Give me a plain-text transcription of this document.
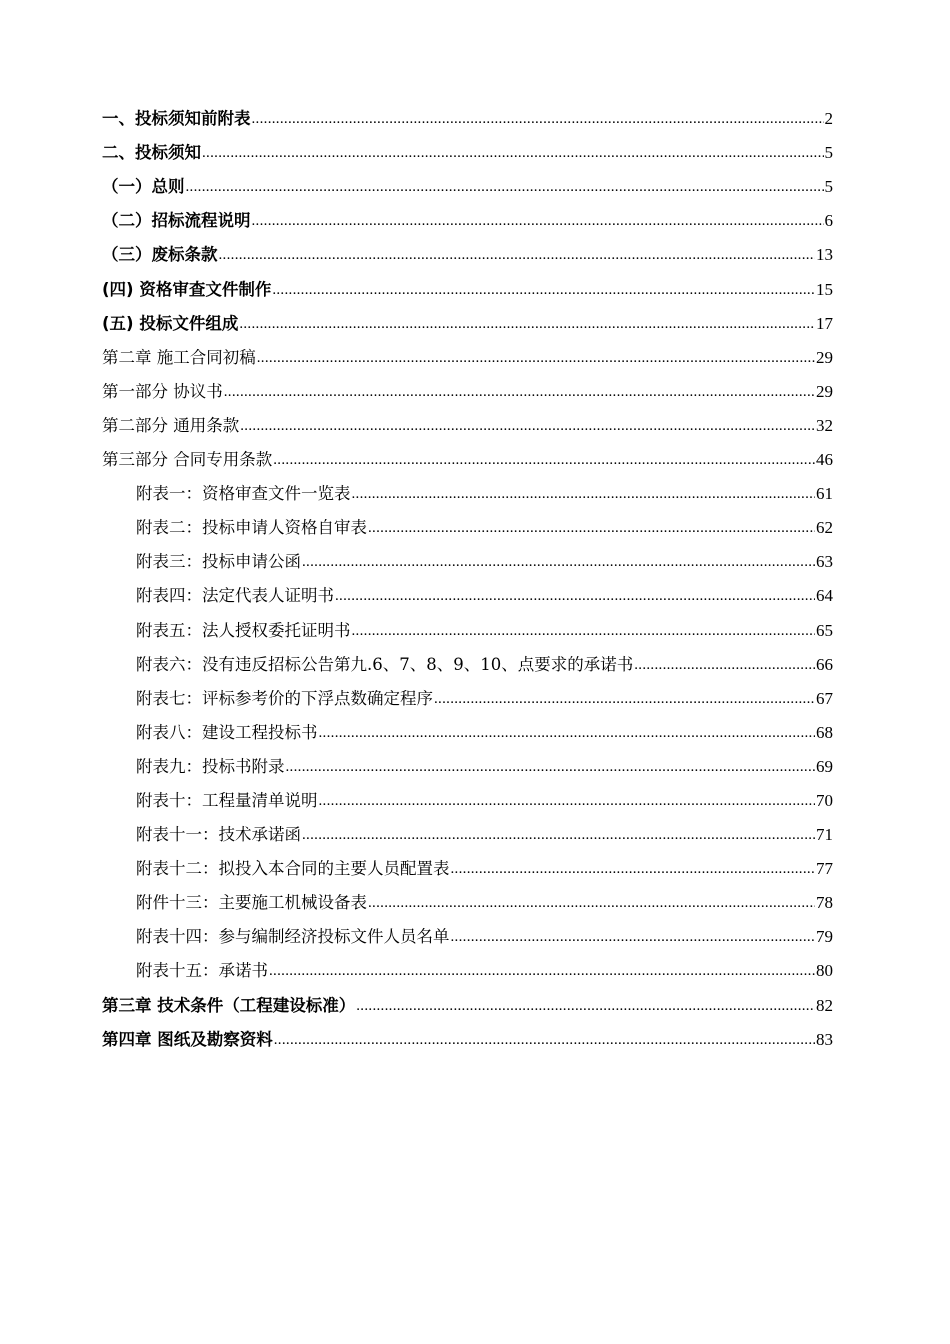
一、投标须知前附表 .....	2
二、投标须知 .....	5
（一）总则 .....	5
（二）招标流程说明 .....	6
（三）废标条款 .....	13
(四) 资格审查文件制作 .....	15
(五) 投标文件组成 .....	17
第二章 施工合同初稿 .....	29
第一部分 协议书 .....	29
第二部分 通用条款 .....	32
第三部分 合同专用条款 .....	46
附表一：资格审查文件一览表 .....	61
附表二：投标申请人资格自审表 .....	62
附表三：投标申请公函 .....	63
附表四：法定代表人证明书 .....	64
附表五：法人授权委托证明书 .....	65
附表六：没有违反招标公告第九.6、7、8、9、10、点要求的承诺书 .....	66
附表七：评标参考价的下浮点数确定程序 .....	67
附表八：建设工程投标书 .....	68
附表九：投标书附录 .....	69
附表十：工程量清单说明 .....	70
附表十一：技术承诺函 .....	71
附表十二：拟投入本合同的主要人员配置表 .....	77
附件十三：主要施工机械设备表 .....	78
附表十四：参与编制经济投标文件人员名单 .....	79
附表十五：承诺书 .....	80
第三章 技术条件（工程建设标准） .....	82
第四章 图纸及勘察资料 .....	83
